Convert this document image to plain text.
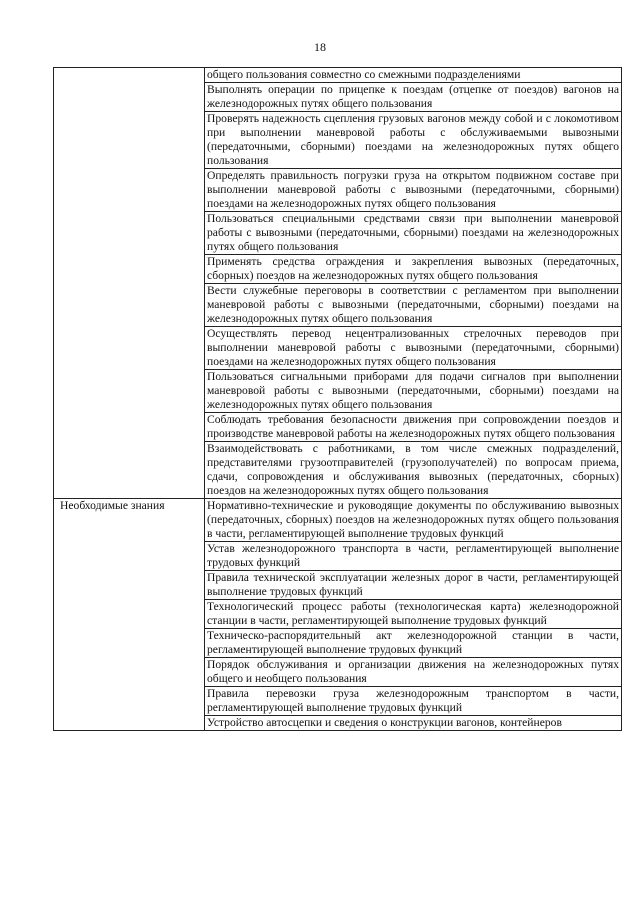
18

	общего пользования совместно со смежными подразделениями

	Выполнять операции по прицепке к поездам (отцепке от поездов) вагонов на железнодорожных путях общего пользования

	Проверять надежность сцепления грузовых вагонов между собой и с локомотивом при выполнении маневровой работы с обслуживаемыми вывозными (передаточными, сборными) поездами на железнодорожных путях общего пользования

	Определять правильность погрузки груза на открытом подвижном составе при выполнении маневровой работы с вывозными (передаточными, сборными) поездами на железнодорожных путях общего пользования

	Пользоваться специальными средствами связи при выполнении маневровой работы с вывозными (передаточными, сборными) поездами на железнодорожных путях общего пользования

	Применять средства ограждения и закрепления вывозных (передаточных, сборных) поездов на железнодорожных путях общего пользования

	Вести служебные переговоры в соответствии с регламентом при выполнении маневровой работы с вывозными (передаточными, сборными) поездами на железнодорожных путях общего пользования

	Осуществлять перевод нецентрализованных стрелочных переводов при выполнении маневровой работы с вывозными (передаточными, сборными) поездами на железнодорожных путях общего пользования

	Пользоваться сигнальными приборами для подачи сигналов при выполнении маневровой работы с вывозными (передаточными, сборными) поездами на железнодорожных путях общего пользования

	Соблюдать требования безопасности движения при сопровождении поездов и производстве маневровой работы на железнодорожных путях общего пользования

	Взаимодействовать с работниками, в том числе смежных подразделений, представителями грузоотправителей (грузополучателей) по вопросам приема, сдачи, сопровождения и обслуживания вывозных (передаточных, сборных) поездов на железнодорожных путях общего пользования

Необходимые знания	Нормативно-технические и руководящие документы по обслуживанию вывозных (передаточных, сборных) поездов на железнодорожных путях общего пользования в части, регламентирующей выполнение трудовых функций

	Устав железнодорожного транспорта в части, регламентирующей выполнение трудовых функций

	Правила технической эксплуатации железных дорог в части, регламентирующей выполнение трудовых функций

	Технологический процесс работы (технологическая карта) железнодорожной станции в части, регламентирующей выполнение трудовых функций

	Техническо-распорядительный акт железнодорожной станции в части, регламентирующей выполнение трудовых функций

	Порядок обслуживания и организации движения на железнодорожных путях общего и необщего пользования

	Правила перевозки груза железнодорожным транспортом в части, регламентирующей выполнение трудовых функций

	Устройство автосцепки и сведения о конструкции вагонов, контейнеров
